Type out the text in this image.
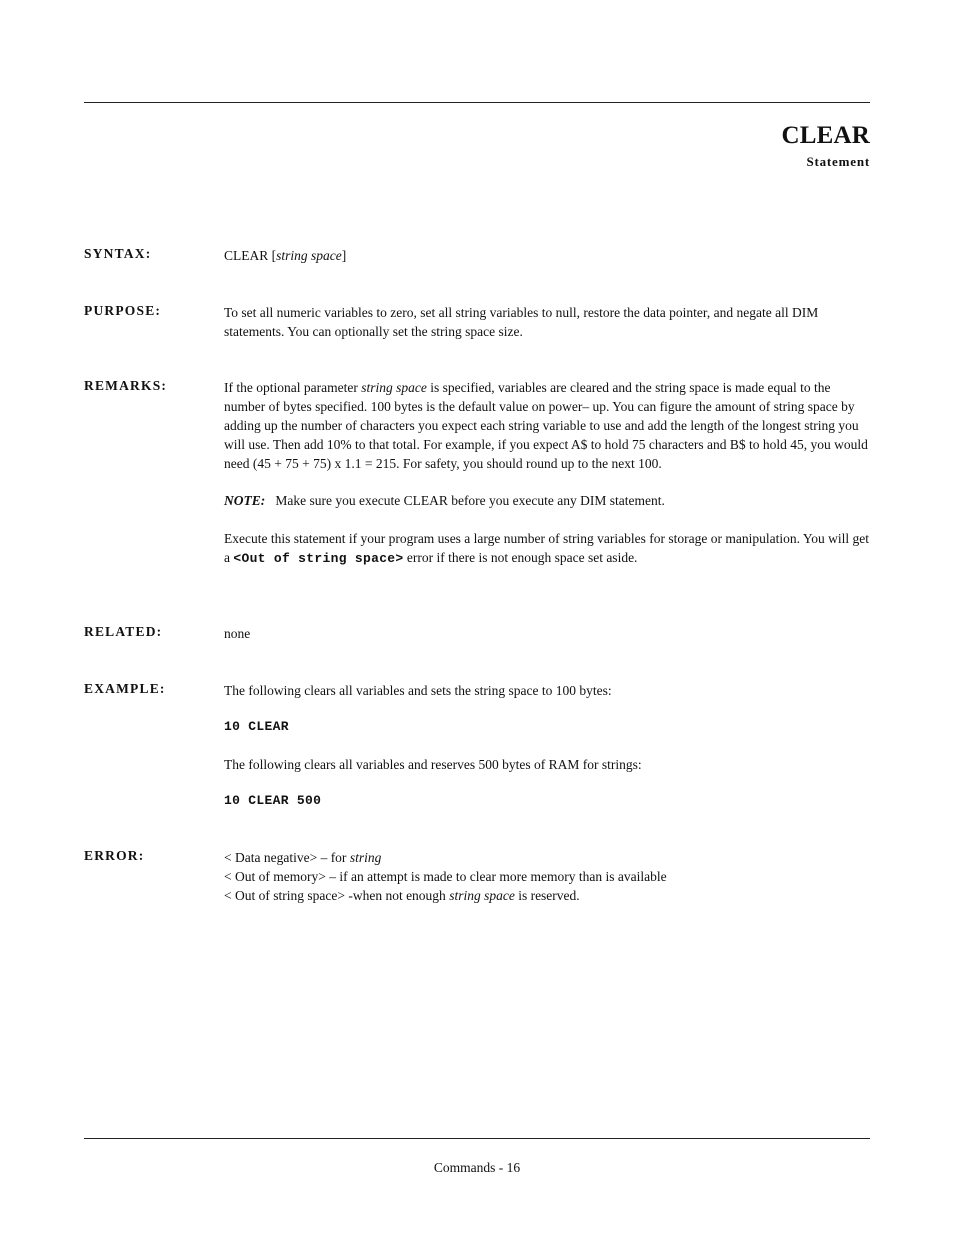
CLEAR
Statement
SYNTAX:	CLEAR [string space]
PURPOSE:	To set all numeric variables to zero, set all string variables to null, restore the data pointer, and negate all DIM statements. You can optionally set the string space size.

REMARKS:	If the optional parameter string space is specified, variables are cleared and the string space is made equal to the number of bytes specified. 100 bytes is the default value on power– up. You can figure the amount of string space by adding up the number of characters you expect each string variable to use and add the length of the longest string you will use. Then add 10% to that total. For example, if you expect A$ to hold 75 characters and B$ to hold 45, you would need (45 + 75 + 75) x 1.1 = 215. For safety, you should round up to the next 100.

NOTE:   Make sure you execute CLEAR before you execute any DIM statement.

Execute this statement if your program uses a large number of string variables for storage or manipulation. You will get a <Out of string space> error if there is not enough space set aside.

RELATED:	none

EXAMPLE:	The following clears all variables and sets the string space to 100 bytes:

10 CLEAR

The following clears all variables and reserves 500 bytes of RAM for strings:

10 CLEAR 500

ERROR:	< Data negative> – for string

< Out of memory> – if an attempt is made to clear more memory than is available

< Out of string space> -when not enough string space is reserved.

Commands - 16
